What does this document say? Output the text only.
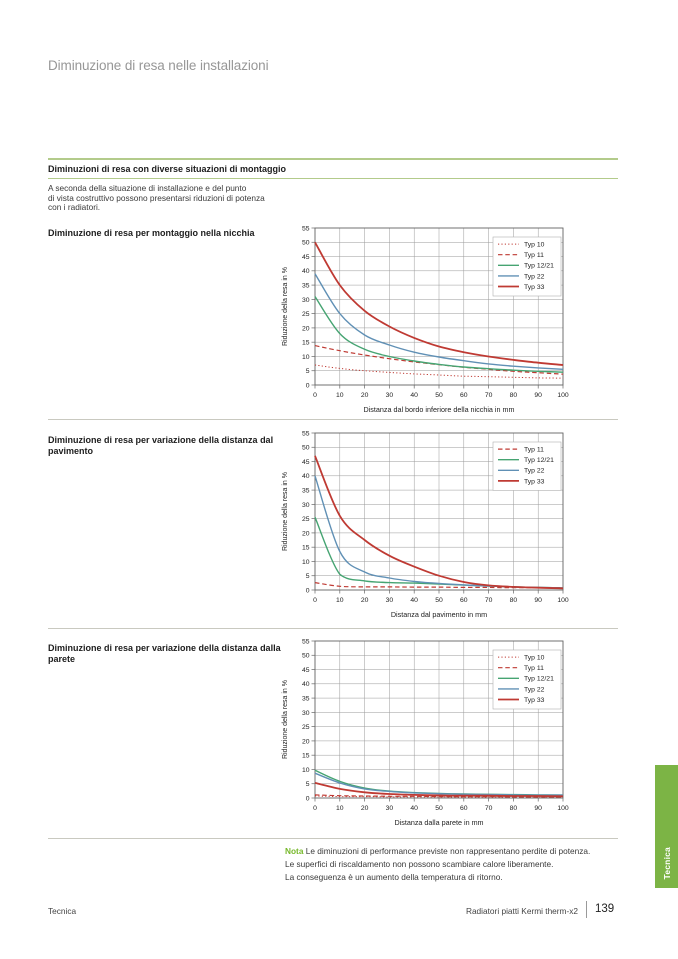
Diminuzione di resa nelle installazioni
Diminuzioni di resa con diverse situazioni di montaggio
A seconda della situazione di installazione e del punto
di vista costruttivo possono presentarsi riduzioni di potenza
con i radiatori.
Diminuzione di resa per montaggio nella nicchia
0
5
10
15
20
25
30
35
40
45
50
55
0	10	20	30	40	50	60	70	80	90 100
Typ 10
Typ 11
Typ 12/21
Typ 22
Typ 33
Riduzione della resa in %
Distanza dal bordo inferiore della nicchia in mm
Diminuzione di resa per variazione della distanza dal pavimento
0
5
10
15
20
25
30
35
40
45
50
55
0	10	20	30	40	50	60	70	80	90 100
Typ 11
Typ 12/21
Typ 22
Typ 33
Riduzione della resa in %
Distanza dal pavimento in mm
Diminuzione di resa per variazione della distanza dalla parete
0
5
10
15
20
25
30
35
40
45
50
55
0	10	20	30	40	50	60	70	80	90 100
Typ 10
Typ 11
Typ 12/21
Typ 22
Typ 33
Riduzione della resa in %
Distanza dalla parete in mm
Nota Le diminuzioni di performance previste non rappresentano perdite di potenza.
Le superfici di riscaldamento non possono scambiare calore liberamente.
La conseguenza è un aumento della temperatura di ritorno.
Tecnica	Radiatori piatti Kermi therm-x2 139
Tecnica
